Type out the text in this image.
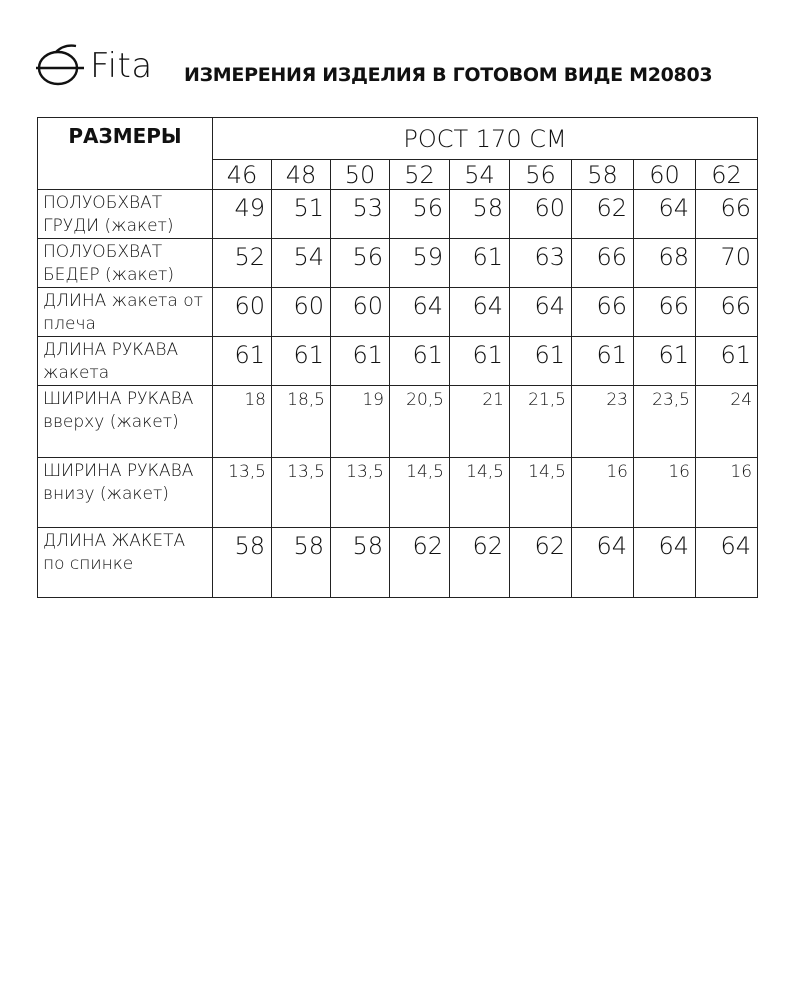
Fita ИЗМЕРЕНИЯ ИЗДЕЛИЯ В ГОТОВОМ ВИДЕ М20803
РАЗМЕРЫ	РОСТ 170 СМ								
	46	48	50	52	54	56	58	60	62
ПОЛУОБХВАТ ГРУДИ (жакет)	49	51	53	56	58	60	62	64	66
ПОЛУОБХВАТ БЕДЕР (жакет)	52	54	56	59	61	63	66	68	70
ДЛИНА жакета от плеча	60	60	60	64	64	64	66	66	66
ДЛИНА РУКАВА жакета	61	61	61	61	61	61	61	61	61
ШИРИНА РУКАВА вверху (жакет)	18	18,5	19	20,5	21	21,5	23	23,5	24
ШИРИНА РУКАВА внизу (жакет)	13,5	13,5	13,5	14,5	14,5	14,5	16	16	16
ДЛИНА ЖАКЕТА по спинке	58	58	58	62	62	62	64	64	64
